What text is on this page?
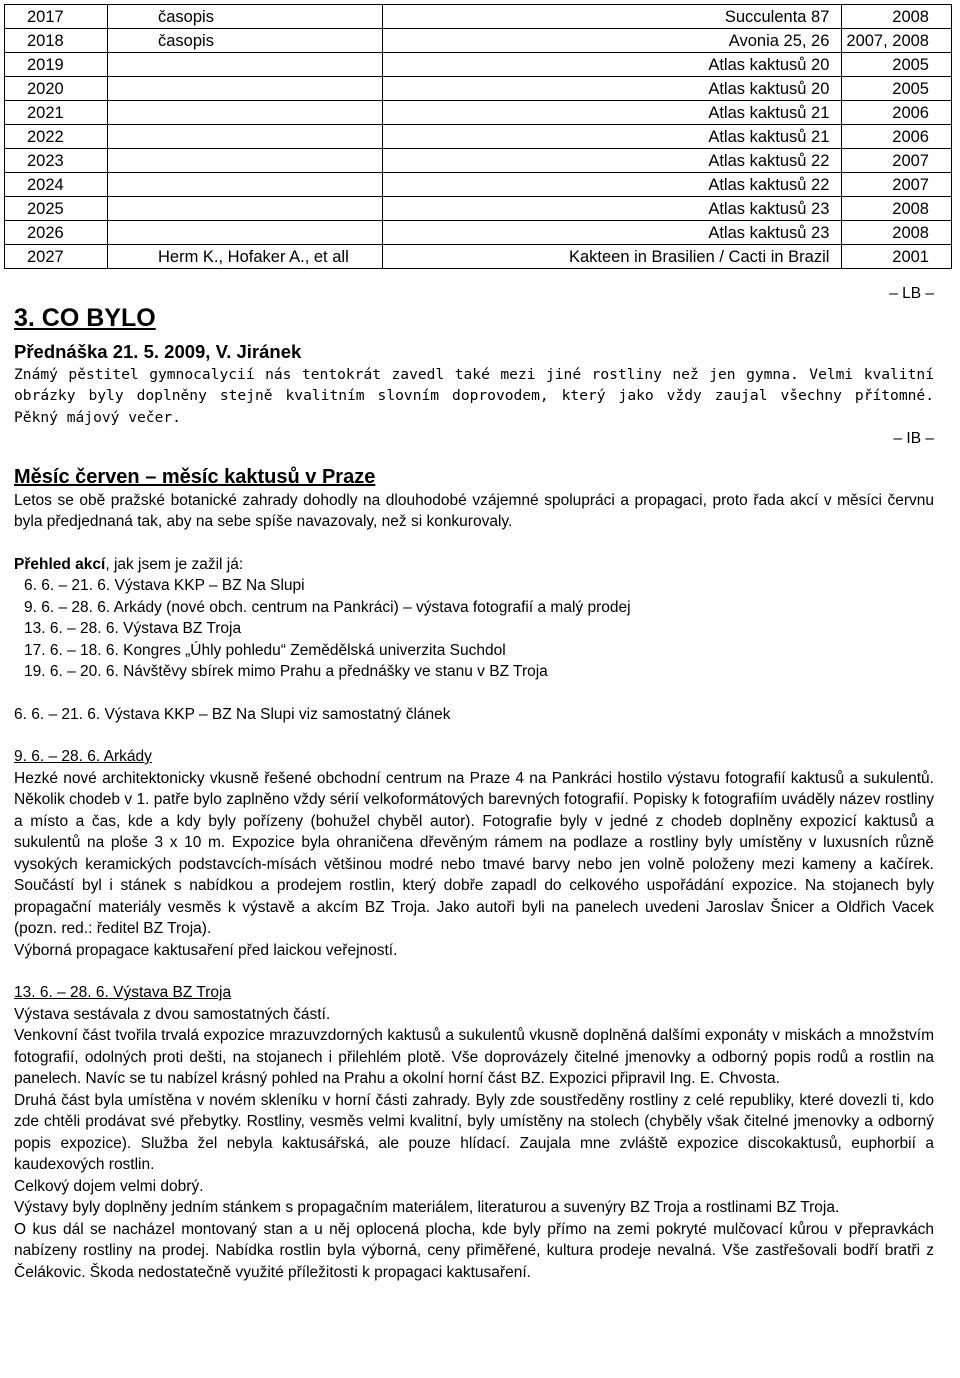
2017	časopis	Succulenta 87	2008
2018	časopis	Avonia 25, 26	2007, 2008
2019		Atlas kaktusů 20	2005
2020		Atlas kaktusů 20	2005
2021		Atlas kaktusů 21	2006
2022		Atlas kaktusů 21	2006
2023		Atlas kaktusů 22	2007
2024		Atlas kaktusů 22	2007
2025		Atlas kaktusů 23	2008
2026		Atlas kaktusů 23	2008
2027	Herm K., Hofaker A., et all	Kakteen in Brasilien / Cacti in Brazil	2001
– LB –
3. CO BYLO
Přednáška 21. 5. 2009, V. Jiránek

Známý pěstitel gymnocalycií nás tentokrát zavedl také mezi jiné rostliny než jen gymna. Velmi kvalitní obrázky byly doplněny stejně kvalitním slovním doprovodem, který jako vždy zaujal všechny přítomné. Pěkný májový večer.

– IB –
Měsíc červen – měsíc kaktusů v Praze

Letos se obě pražské botanické zahrady dohodly na dlouhodobé vzájemné spolupráci a propagaci, proto řada akcí v měsíci červnu byla předjednaná tak, aby na sebe spíše navazovaly, než si konkurovaly.

Přehled akcí, jak jsem je zažil já:

6. 6. – 21. 6. Výstava KKP – BZ Na Slupi

9. 6. – 28. 6. Arkády (nové obch. centrum na Pankráci) – výstava fotografií a malý prodej

13. 6. – 28. 6. Výstava BZ Troja

17. 6. – 18. 6. Kongres „Úhly pohledu“ Zemědělská univerzita Suchdol

19. 6. – 20. 6. Návštěvy sbírek mimo Prahu a přednášky ve stanu v BZ Troja

6. 6. – 21. 6. Výstava KKP – BZ Na Slupi viz samostatný článek

9. 6. – 28. 6. Arkády

Hezké nové architektonicky vkusně řešené obchodní centrum na Praze 4 na Pankráci hostilo výstavu fotografií kaktusů a sukulentů. Několik chodeb v 1. patře bylo zaplněno vždy sérií velkoformátových barevných fotografií. Popisky k fotografiím uváděly název rostliny a místo a čas, kde a kdy byly pořízeny (bohužel chyběl autor). Fotografie byly v jedné z chodeb doplněny expozicí kaktusů a sukulentů na ploše 3 x 10 m. Expozice byla ohraničena dřevěným rámem na podlaze a rostliny byly umístěny v luxusních různě vysokých keramických podstavcích-mísách většinou modré nebo tmavé barvy nebo jen volně položeny mezi kameny a kačírek. Součástí byl i stánek s nabídkou a prodejem rostlin, který dobře zapadl do celkového uspořádání expozice. Na stojanech byly propagační materiály vesměs k výstavě a akcím BZ Troja. Jako autoři byli na panelech uvedeni Jaroslav Šnicer a Oldřich Vacek (pozn. red.: ředitel BZ Troja).

Výborná propagace kaktusaření před laickou veřejností.

13. 6. – 28. 6. Výstava BZ Troja

Výstava sestávala z dvou samostatných částí.

Venkovní část tvořila trvalá expozice mrazuvzdorných kaktusů a sukulentů vkusně doplněná dalšími exponáty v miskách a množstvím fotografií, odolných proti dešti, na stojanech i přilehlém plotě. Vše doprovázely čitelné jmenovky a odborný popis rodů a rostlin na panelech. Navíc se tu nabízel krásný pohled na Prahu a okolní horní část BZ. Expozici připravil Ing. E. Chvosta.

Druhá část byla umístěna v novém skleníku v horní části zahrady. Byly zde soustředěny rostliny z celé republiky, které dovezli ti, kdo zde chtěli prodávat své přebytky. Rostliny, vesměs velmi kvalitní, byly umístěny na stolech (chyběly však čitelné jmenovky a odborný popis expozice). Služba žel nebyla kaktusářská, ale pouze hlídací. Zaujala mne zvláště expozice discokaktusů, euphorbií a kaudexových rostlin.

Celkový dojem velmi dobrý.

Výstavy byly doplněny jedním stánkem s propagačním materiálem, literaturou a suvenýry BZ Troja a rostlinami BZ Troja.

O kus dál se nacházel montovaný stan a u něj oplocená plocha, kde byly přímo na zemi pokryté mulčovací kůrou v přepravkách nabízeny rostliny na prodej. Nabídka rostlin byla výborná, ceny přiměřené, kultura prodeje nevalná. Vše zastřešovali bodří bratři z Čelákovic. Škoda nedostatečně využité příležitosti k propagaci kaktusaření.
